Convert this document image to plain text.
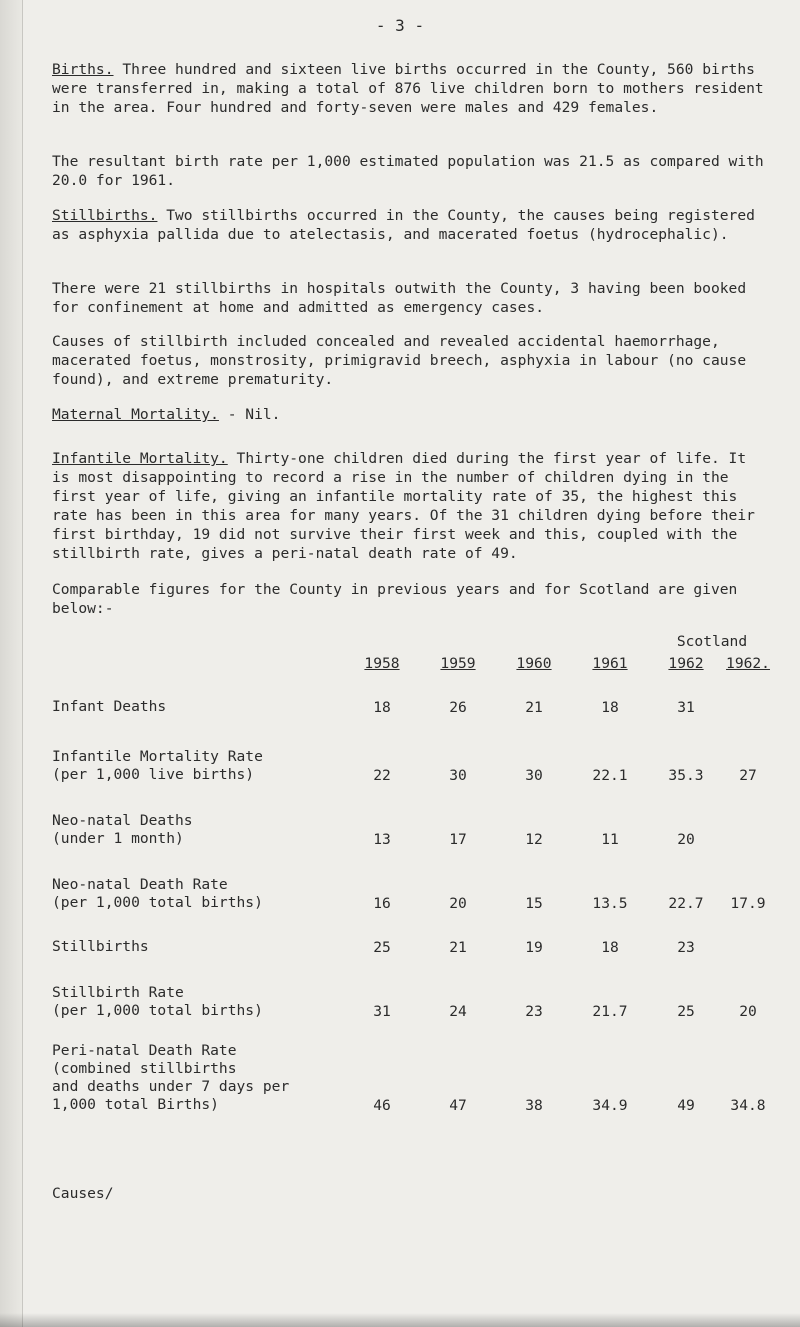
- 3 -

Births. Three hundred and sixteen live births occurred in the County, 560 births were transferred in, making a total of 876 live children born to mothers resident in the area. Four hundred and forty-seven were males and 429 females.

The resultant birth rate per 1,000 estimated population was 21.5 as compared with 20.0 for 1961.

Stillbirths. Two stillbirths occurred in the County, the causes being registered as asphyxia pallida due to atelectasis, and macerated foetus (hydrocephalic).

There were 21 stillbirths in hospitals outwith the County, 3 having been booked for confinement at home and admitted as emergency cases.

Causes of stillbirth included concealed and revealed accidental haemorrhage, macerated foetus, monstrosity, primigravid breech, asphyxia in labour (no cause found), and extreme prematurity.

Maternal Mortality. - Nil.

Infantile Mortality. Thirty-one children died during the first year of life. It is most disappointing to record a rise in the number of children dying in the first year of life, giving an infantile mortality rate of 35, the highest this rate has been in this area for many years. Of the 31 children dying before their first birthday, 19 did not survive their first week and this, coupled with the stillbirth rate, gives a peri-natal death rate of 49.

Comparable figures for the County in previous years and for Scotland are given below:-

Scotland
	1958	1959	1960	1961	1962	1962.
Infant Deaths	18	26	21	18	31	
Infantile Mortality Rate
(per 1,000 live births)	22	30	30	22.1	35.3	27
Neo-natal Deaths
(under 1 month)	13	17	12	11	20	
Neo-natal Death Rate
(per 1,000 total births)	16	20	15	13.5	22.7	17.9
Stillbirths	25	21	19	18	23	
Stillbirth Rate
(per 1,000 total births)	31	24	23	21.7	25	20
Peri-natal Death Rate
(combined stillbirths
and deaths under 7 days per
1,000 total Births)	46	47	38	34.9	49	34.8
Causes/
